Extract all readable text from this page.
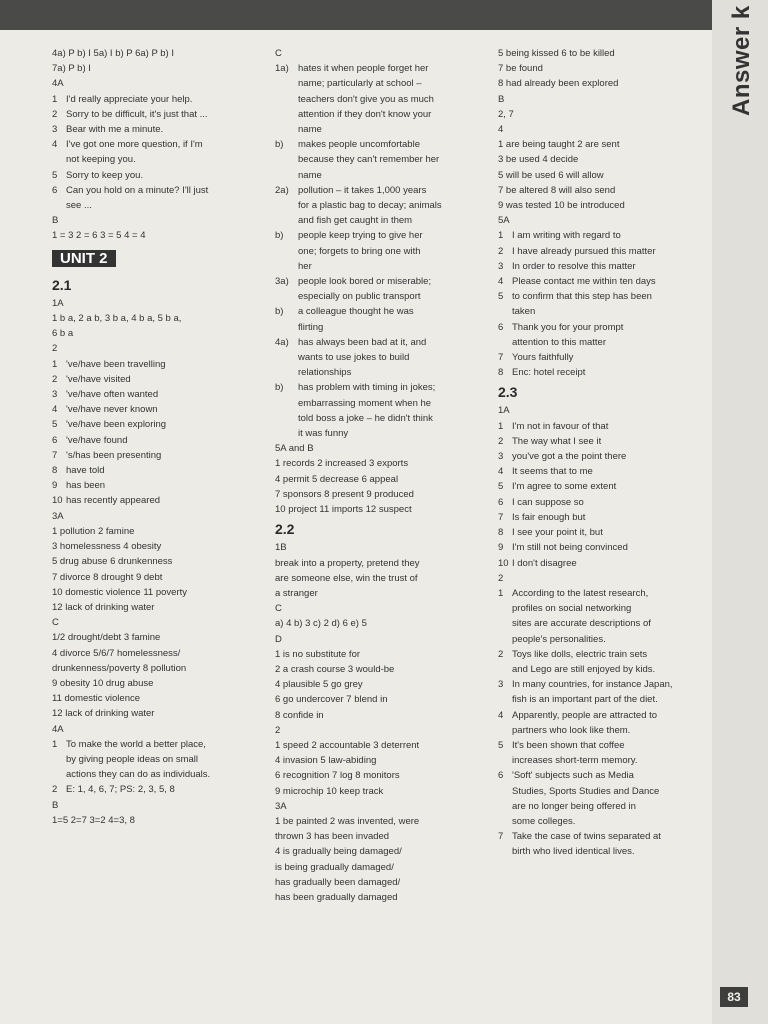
Answer k
83
4a) P b) I 5a) I b) P 6a) P b) I
7a) P b) I
4A
1 I'd really appreciate your help.
2 Sorry to be difficult, it's just that ...
3 Bear with me a minute.
4 I've got one more question, if I'm
not keeping you.
5 Sorry to keep you.
6 Can you hold on a minute? I'll just
see ...
B
1 = 3 2 = 6 3 = 5 4 = 4
UNIT 2
2.1
1A
1 b a, 2 a b, 3 b a, 4 b a, 5 b a,
6 b a
2
1 've/have been travelling
2 've/have visited
3 've/have often wanted
4 've/have never known
5 've/have been exploring
6 've/have found
7 's/has been presenting
8 have told
9 has been
10 has recently appeared
3A
1 pollution 2 famine
3 homelessness 4 obesity
5 drug abuse 6 drunkenness
7 divorce 8 drought 9 debt
10 domestic violence 11 poverty
12 lack of drinking water
C
1/2 drought/debt 3 famine
4 divorce 5/6/7 homelessness/
drunkenness/poverty 8 pollution
9 obesity 10 drug abuse
11 domestic violence
12 lack of drinking water
4A
1 To make the world a better place,
by giving people ideas on small
actions they can do as individuals.
2 E: 1, 4, 6, 7; PS: 2, 3, 5, 8
B
1=5 2=7 3=2 4=3, 8
C
1a) hates it when people forget her
name; particularly at school –
teachers don't give you as much
attention if they don't know your
name
b)	makes people uncomfortable
because they can't remember her
name
2a) pollution – it takes 1,000 years
for a plastic bag to decay; animals
and fish get caught in them
b)	people keep trying to give her
one; forgets to bring one with
her
3a) people look bored or miserable;
especially on public transport
b)	a colleague thought he was
flirting
4a) has always been bad at it, and
wants to use jokes to build
relationships
b)	has problem with timing in jokes;
embarrassing moment when he
told boss a joke – he didn't think
it was funny
5A and B
1 records 2 increased 3 exports
4 permit 5 decrease 6 appeal
7 sponsors 8 present 9 produced
10 project 11 imports 12 suspect
2.2
1B
break into a property, pretend they
are someone else, win the trust of
a stranger
C
a) 4 b) 3 c) 2 d) 6 e) 5
D
1 is no substitute for
2 a crash course 3 would-be
4 plausible 5 go grey
6 go undercover 7 blend in
8 confide in
2
1 speed 2 accountable 3 deterrent
4 invasion 5 law-abiding
6 recognition 7 log 8 monitors
9 microchip 10 keep track
3A
1 be painted 2 was invented, were
thrown 3 has been invaded
4 is gradually being damaged/
is being gradually damaged/
has gradually been damaged/
has been gradually damaged
5 being kissed 6 to be killed
7 be found
8 had already been explored
B
2, 7
4
1 are being taught 2 are sent
3 be used 4 decide
5 will be used 6 will allow
7 be altered 8 will also send
9 was tested 10 be introduced
5A
1 I am writing with regard to
2 I have already pursued this matter
3 In order to resolve this matter
4 Please contact me within ten days
5 to confirm that this step has been
taken
6 Thank you for your prompt
attention to this matter
7 Yours faithfully
8 Enc: hotel receipt
2.3
1A
1 I'm not in favour of that
2 The way what I see it
3 you've got a the point there
4 It seems that to me
5 I'm agree to some extent
6 I can suppose so
7 Is fair enough but
8 I see your point it, but
9 I'm still not being convinced
10 I don't disagree
2
1 According to the latest research,
profiles on social networking
sites are accurate descriptions of
people's personalities.
2 Toys like dolls, electric train sets
and Lego are still enjoyed by kids.
3 In many countries, for instance Japan,
fish is an important part of the diet.
4 Apparently, people are attracted to
partners who look like them.
5 It's been shown that coffee
increases short-term memory.
6 'Soft' subjects such as Media
Studies, Sports Studies and Dance
are no longer being offered in
some colleges.
7 Take the case of twins separated at
birth who lived identical lives.
